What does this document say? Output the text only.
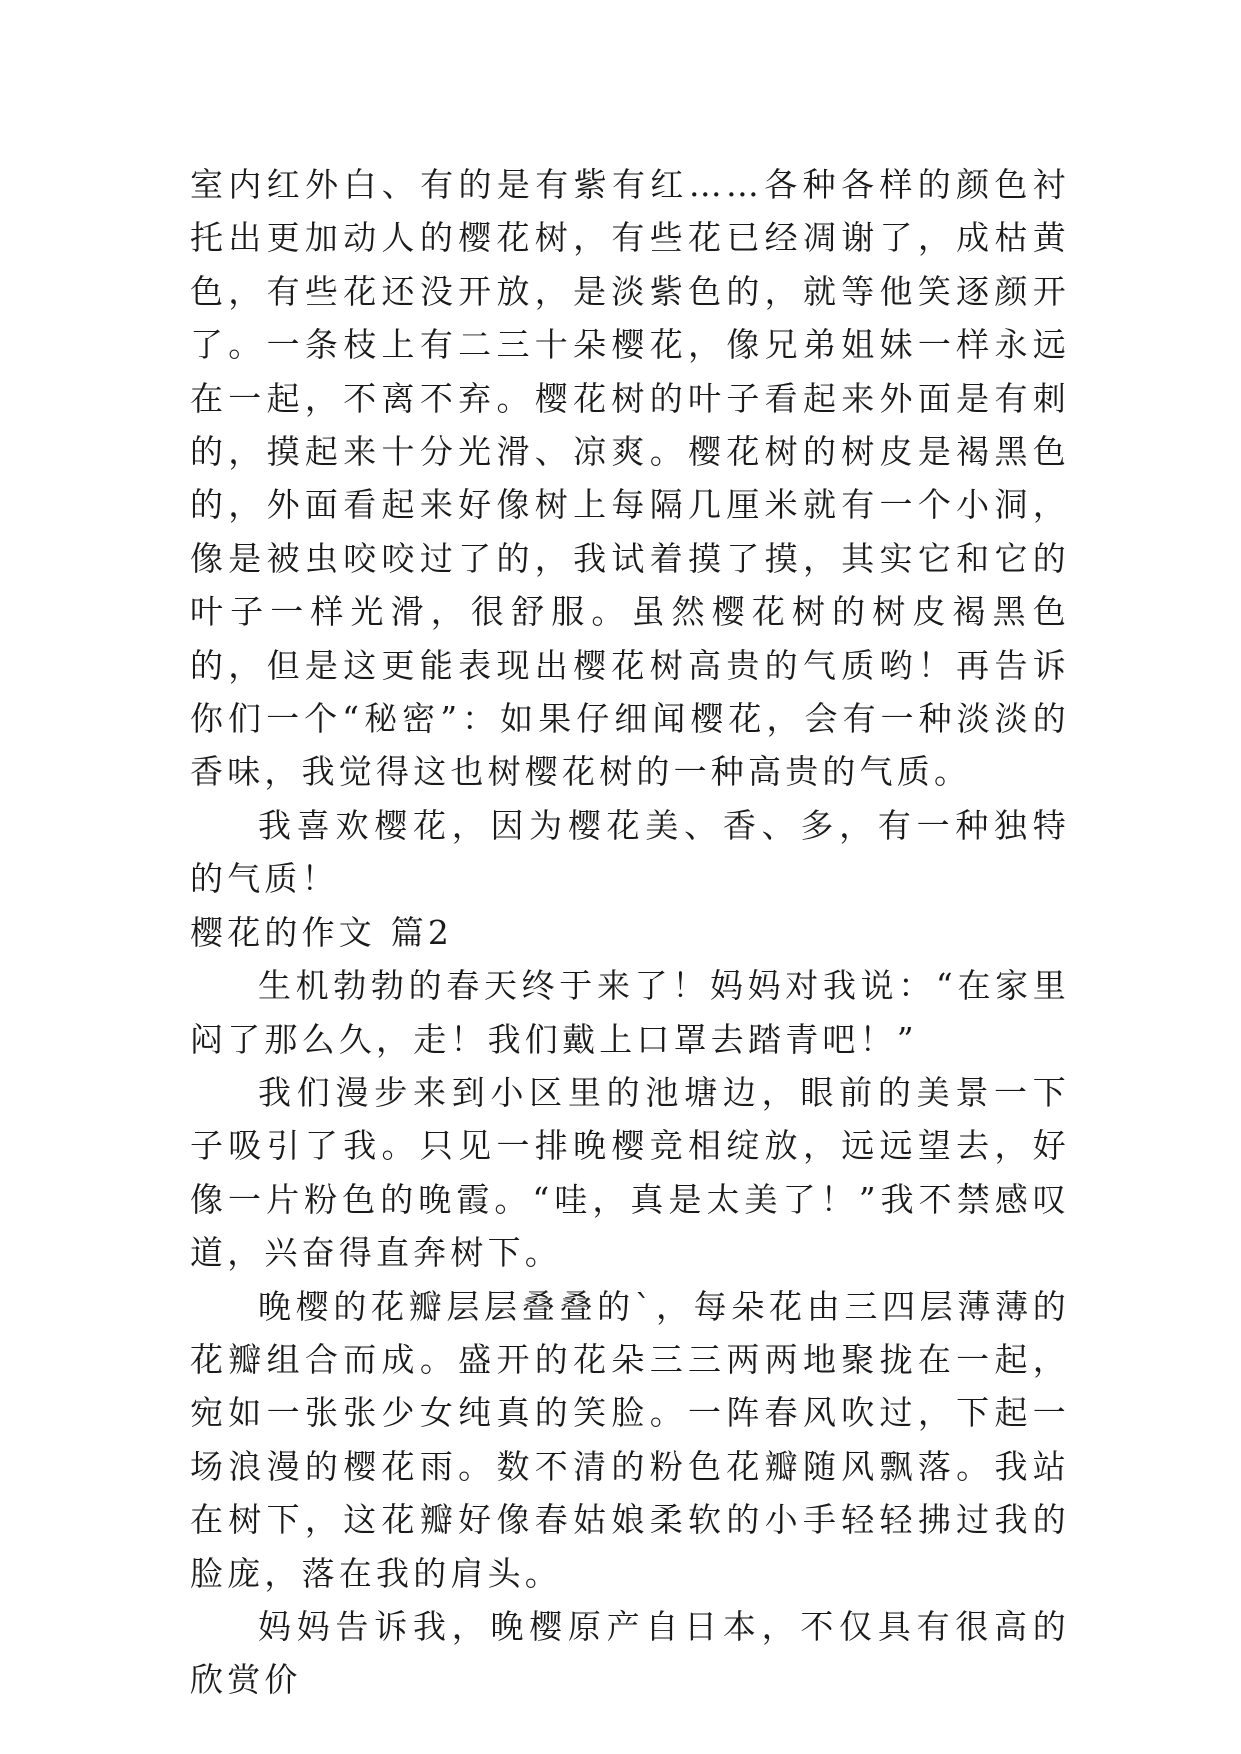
室内红外白、有的是有紫有红……各种各样的颜色衬托出更加动人的樱花树，有些花已经凋谢了，成枯黄色，有些花还没开放，是淡紫色的，就等他笑逐颜开了。一条枝上有二三十朵樱花，像兄弟姐妹一样永远在一起，不离不弃。樱花树的叶子看起来外面是有刺的，摸起来十分光滑、凉爽。樱花树的树皮是褐黑色的，外面看起来好像树上每隔几厘米就有一个小洞，像是被虫咬咬过了的，我试着摸了摸，其实它和它的叶子一样光滑，很舒服。虽然樱花树的树皮褐黑色的，但是这更能表现出樱花树高贵的气质哟！再告诉你们一个“秘密”：如果仔细闻樱花，会有一种淡淡的香味，我觉得这也树樱花树的一种高贵的气质。

我喜欢樱花，因为樱花美、香、多，有一种独特的气质！

樱花的作文 篇2

生机勃勃的春天终于来了！妈妈对我说：“在家里闷了那么久，走！我们戴上口罩去踏青吧！”

我们漫步来到小区里的池塘边，眼前的美景一下子吸引了我。只见一排晚樱竞相绽放，远远望去，好像一片粉色的晚霞。“哇，真是太美了！”我不禁感叹道，兴奋得直奔树下。

晚樱的花瓣层层叠叠的`，每朵花由三四层薄薄的花瓣组合而成。盛开的花朵三三两两地聚拢在一起，宛如一张张少女纯真的笑脸。一阵春风吹过，下起一场浪漫的樱花雨。数不清的粉色花瓣随风飘落。我站在树下，这花瓣好像春姑娘柔软的小手轻轻拂过我的脸庞，落在我的肩头。

妈妈告诉我，晚樱原产自日本，不仅具有很高的欣赏价
